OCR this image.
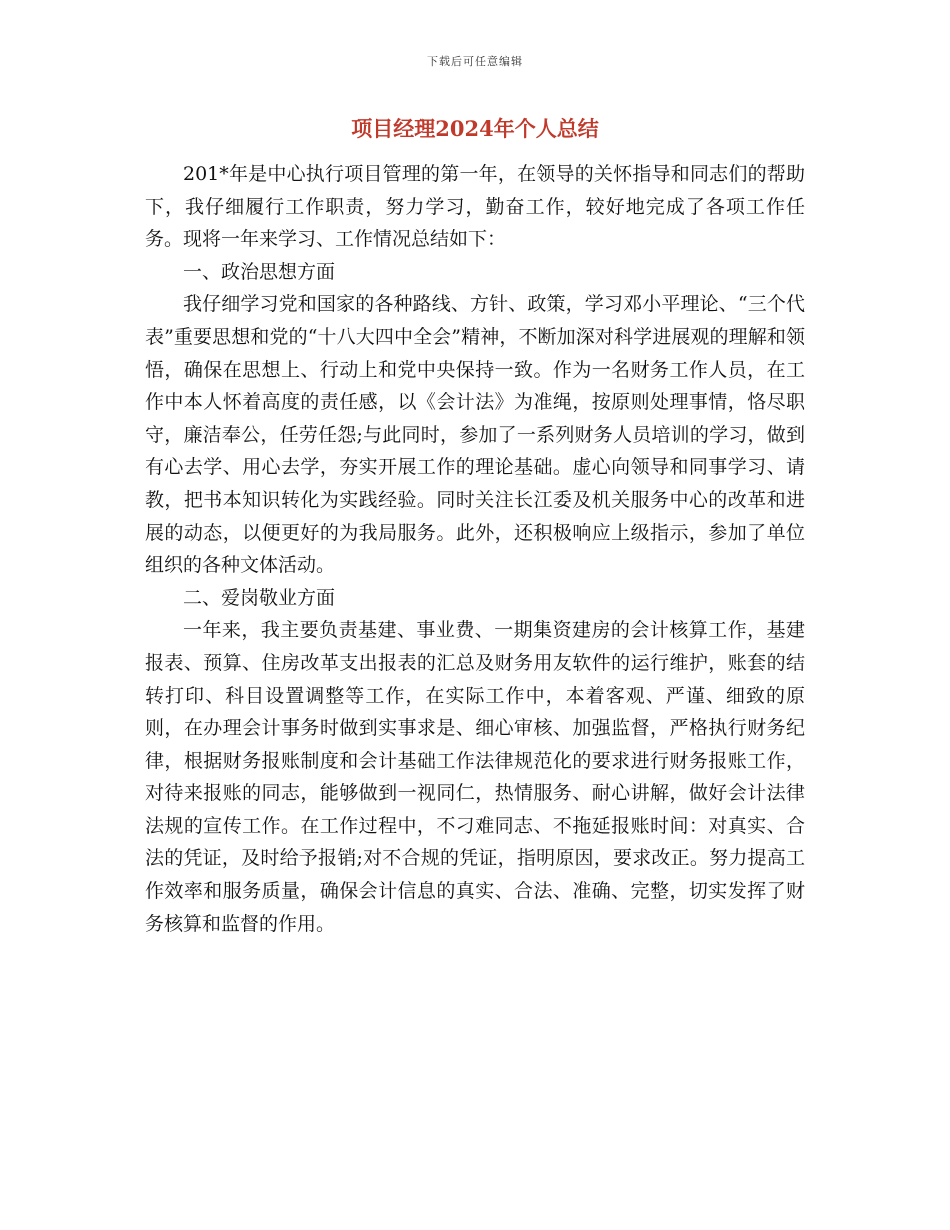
下载后可任意编辑
项目经理2024年个人总结

201*年是中心执行项目管理的第一年，在领导的关怀指导和同志们的帮助下，我仔细履行工作职责，努力学习，勤奋工作，较好地完成了各项工作任务。现将一年来学习、工作情况总结如下：

一、政治思想方面

我仔细学习党和国家的各种路线、方针、政策，学习邓小平理论、“三个代表”重要思想和党的“十八大四中全会”精神，不断加深对科学进展观的理解和领悟，确保在思想上、行动上和党中央保持一致。作为一名财务工作人员，在工作中本人怀着高度的责任感，以《会计法》为准绳，按原则处理事情，恪尽职守，廉洁奉公，任劳任怨;与此同时，参加了一系列财务人员培训的学习，做到有心去学、用心去学，夯实开展工作的理论基础。虚心向领导和同事学习、请教，把书本知识转化为实践经验。同时关注长江委及机关服务中心的改革和进展的动态，以便更好的为我局服务。此外，还积极响应上级指示，参加了单位组织的各种文体活动。

二、爱岗敬业方面

一年来，我主要负责基建、事业费、一期集资建房的会计核算工作，基建报表、预算、住房改革支出报表的汇总及财务用友软件的运行维护，账套的结转打印、科目设置调整等工作，在实际工作中，本着客观、严谨、细致的原则，在办理会计事务时做到实事求是、细心审核、加强监督，严格执行财务纪律，根据财务报账制度和会计基础工作法律规范化的要求进行财务报账工作，对待来报账的同志，能够做到一视同仁，热情服务、耐心讲解，做好会计法律法规的宣传工作。在工作过程中，不刁难同志、不拖延报账时间：对真实、合法的凭证，及时给予报销;对不合规的凭证，指明原因，要求改正。努力提高工作效率和服务质量，确保会计信息的真实、合法、准确、完整，切实发挥了财务核算和监督的作用。
